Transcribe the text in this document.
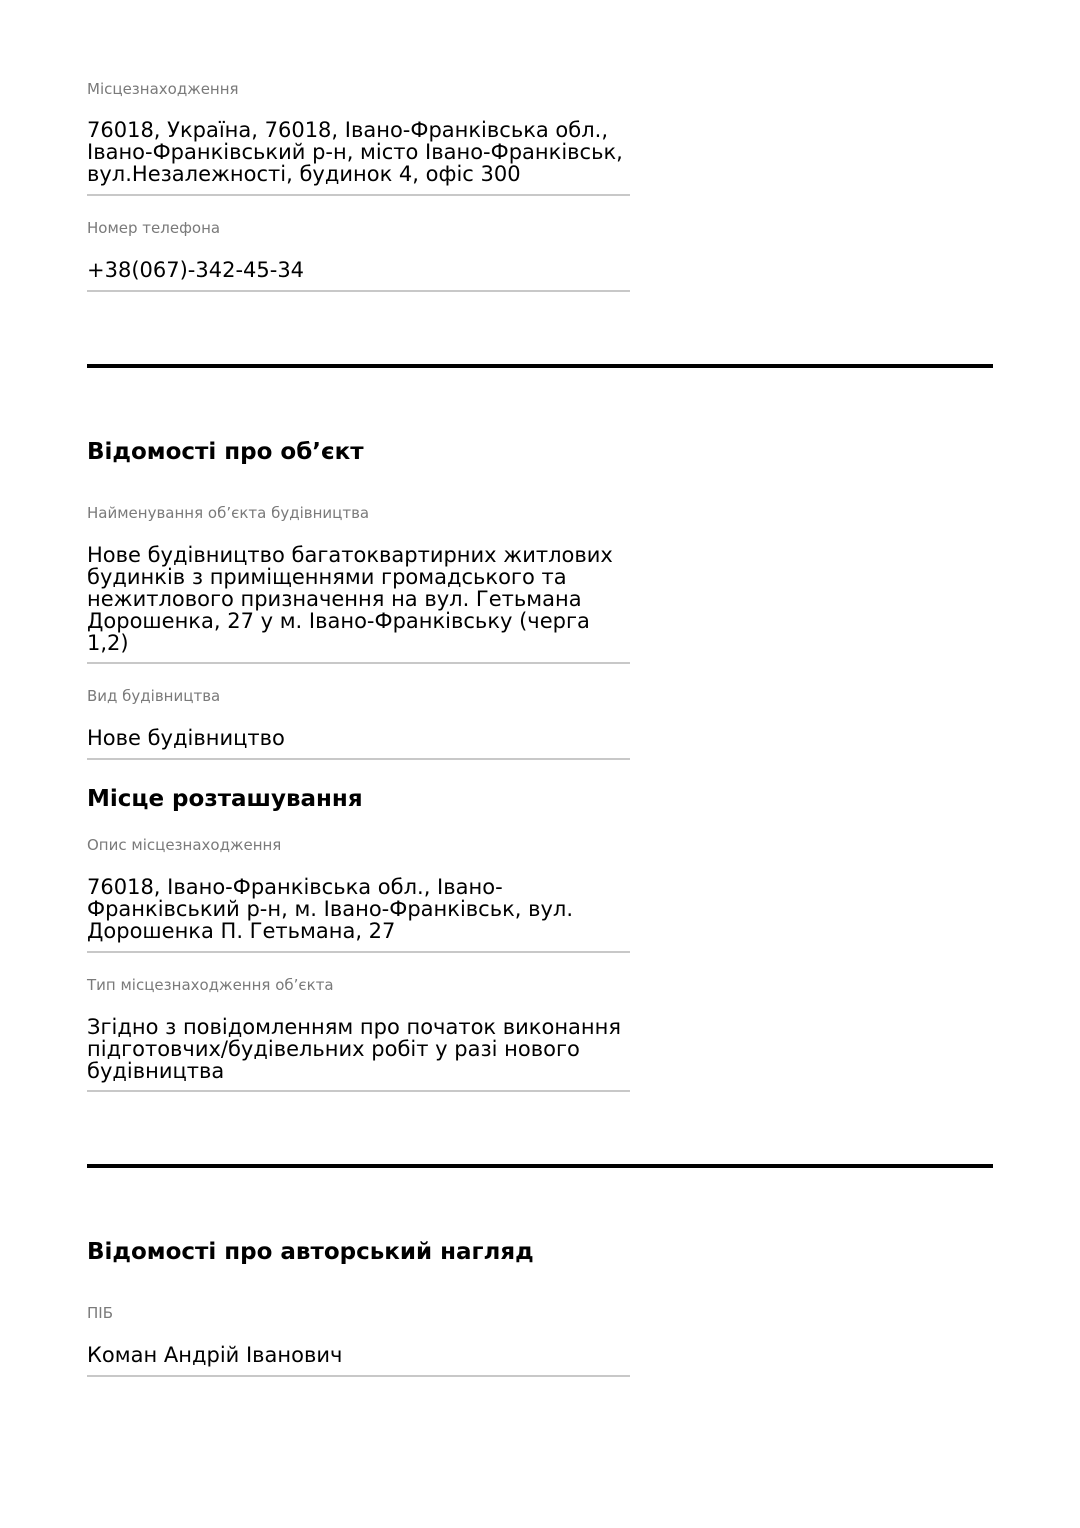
Місцезнаходження
76018, Україна, 76018, Івано-Франківська обл., Івано-Франківський р-н, місто Івано-Франківськ, вул.Незалежності, будинок 4, офіс 300
Номер телефона
+38(067)-342-45-34
Відомості про об’єкт
Найменування об’єкта будівництва
Нове будівництво багатоквартирних житлових будинків з приміщеннями громадського та нежитлового призначення на вул. Гетьмана Дорошенка, 27 у м. Івано-Франківську (черга 1,2)
Вид будівництва
Нове будівництво
Місце розташування
Опис місцезнаходження
76018, Івано-Франківська обл., Івано-Франківський р-н, м. Івано-Франківськ, вул. Дорошенка П. Гетьмана, 27
Тип місцезнаходження об’єкта
Згідно з повідомленням про початок виконання підготовчих/будівельних робіт у разі нового будівництва
Відомості про авторський нагляд
ПІБ
Коман Андрій Іванович
